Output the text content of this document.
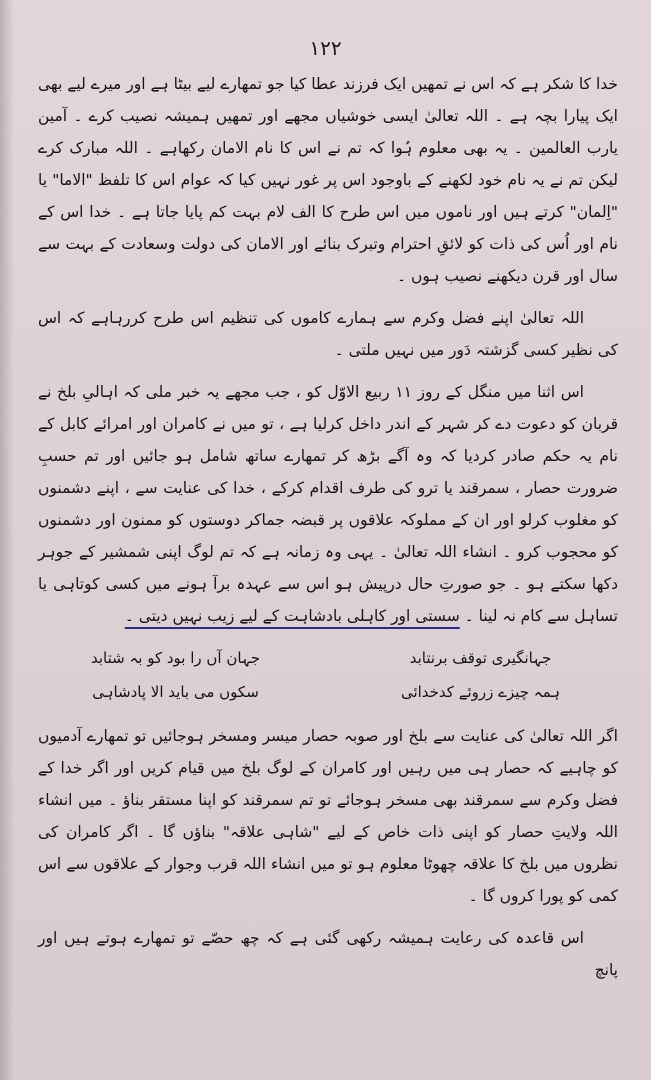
۱۲۲

خدا کا شکر ہے کہ اس نے تمھیں ایک فرزند عطا کیا جو تمھارے لیے بیٹا ہے اور میرے لیے بھی ایک پیارا بچہ ہے ۔ اللہ تعالیٰ ایسی خوشیاں مجھے اور تمھیں ہمیشہ نصیب کرے ۔ آمین یارب العالمین ۔ یہ بھی معلوم ہُوا کہ تم نے اس کا نام الامان رکھاہے ۔ اللہ مبارک کرے لیکن تم نے یہ نام خود لکھنے کے باوجود اس پر غور نہیں کیا کہ عوام اس کا تلفظ "الاما" یا "اِلمان" کرتے ہیں اور ناموں میں اس طرح کا الف لام بہت کم پایا جاتا ہے ۔ خدا اس کے نام اور اُس کی ذات کو لائقِ احترام وتبرک بنائے اور الامان کی دولت وسعادت کے بہت سے سال اور قرن دیکھنے نصیب ہوں ۔

اللہ تعالیٰ اپنے فضل وکرم سے ہمارے کاموں کی تنظیم اس طرح کررہاہے کہ اس کی نظیر کسی گزشتہ دَور میں نہیں ملتی ۔

اس اثنا میں منگل کے روز ۱۱ ربیع الاوّل کو ، جب مجھے یہ خبر ملی کہ اہالیِ بلخ نے قربان کو دعوت دے کر شہر کے اندر داخل کرلیا ہے ، تو میں نے کامران اور امرائے کابل کے نام یہ حکم صادر کردیا کہ وہ آگے بڑھ کر تمھارے ساتھ شامل ہو جائیں اور تم حسبِ ضرورت حصار ، سمرقند یا ترو کی طرف اقدام کرکے ، خدا کی عنایت سے ، اپنے دشمنوں کو مغلوب کرلو اور ان کے مملوکہ علاقوں پر قبضہ جماکر دوستوں کو ممنون اور دشمنوں کو محجوب کرو ۔ انشاء اللہ تعالیٰ ۔ یہی وہ زمانہ ہے کہ تم لوگ اپنی شمشیر کے جوہر دکھا سکتے ہو ۔ جو صورتِ حال درپیش ہو اس سے عہدہ برآ ہونے میں کسی کوتاہی یا تساہل سے کام نہ لینا ۔ سستی اور کاہلی بادشاہت کے لیے زیب نہیں دیتی ۔

جہانگیری توقف برنتابد
جہان آں را بود کو بہ شتابد
ہمہ چیزے زروئے کدخدائی
سکوں می باید الا پادشاہی

اگر اللہ تعالیٰ کی عنایت سے بلخ اور صوبہ حصار میسر ومسخر ہوجائیں تو تمھارے آدمیوں کو چاہیے کہ حصار ہی میں رہیں اور کامران کے لوگ بلخ میں قیام کریں اور اگر خدا کے فضل وکرم سے سمرقند بھی مسخر ہوجائے تو تم سمرقند کو اپنا مستقر بناؤ ۔ میں انشاء اللہ ولایتِ حصار کو اپنی ذات خاص کے لیے "شاہی علاقہ" بناؤں گا ۔ اگر کامران کی نظروں میں بلخ کا علاقہ چھوٹا معلوم ہو تو میں انشاء اللہ قرب وجوار کے علاقوں سے اس کمی کو پورا کروں گا ۔

اس قاعدہ کی رعایت ہمیشہ رکھی گئی ہے کہ چھ حصّے تو تمھارے ہوتے ہیں اور پانچ
